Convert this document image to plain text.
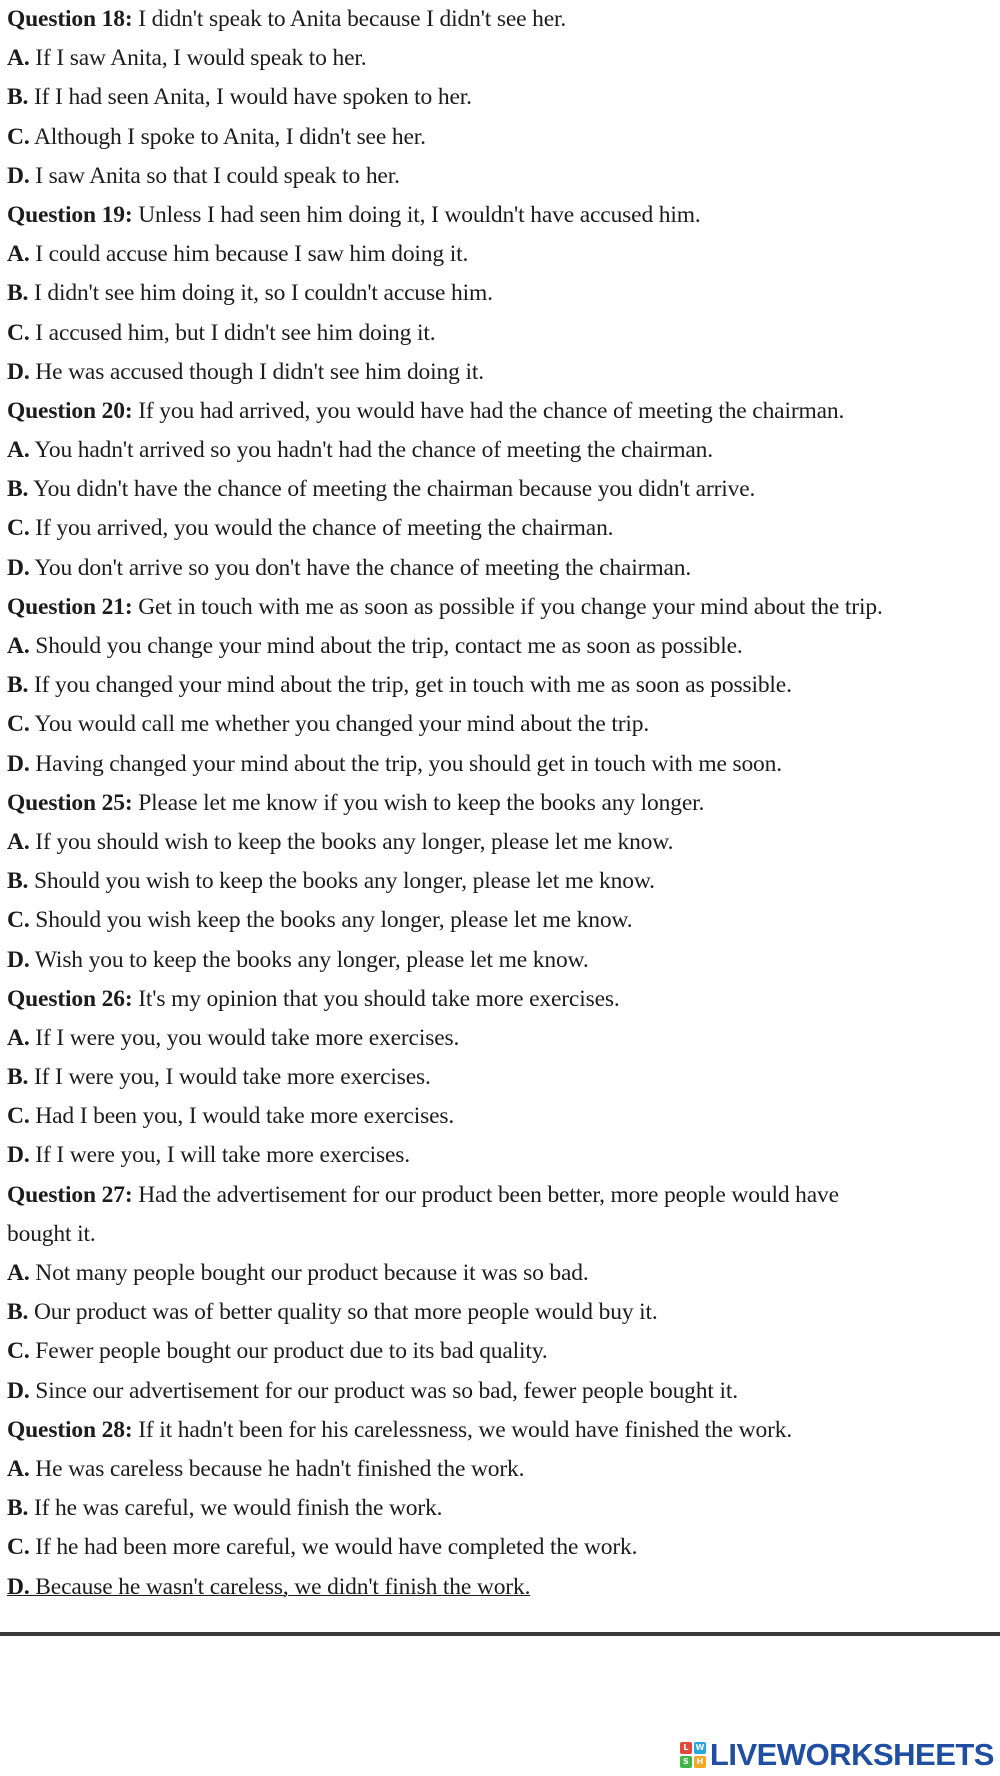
Question 18: I didn't speak to Anita because I didn't see her.
A. If I saw Anita, I would speak to her.
B. If I had seen Anita, I would have spoken to her.
C. Although I spoke to Anita, I didn't see her.
D. I saw Anita so that I could speak to her.
Question 19: Unless I had seen him doing it, I wouldn't have accused him.
A. I could accuse him because I saw him doing it.
B. I didn't see him doing it, so I couldn't accuse him.
C. I accused him, but I didn't see him doing it.
D. He was accused though I didn't see him doing it.
Question 20: If you had arrived, you would have had the chance of meeting the chairman.
A. You hadn't arrived so you hadn't had the chance of meeting the chairman.
B. You didn't have the chance of meeting the chairman because you didn't arrive.
C. If you arrived, you would the chance of meeting the chairman.
D. You don't arrive so you don't have the chance of meeting the chairman.
Question 21: Get in touch with me as soon as possible if you change your mind about the trip.
A. Should you change your mind about the trip, contact me as soon as possible.
B. If you changed your mind about the trip, get in touch with me as soon as possible.
C. You would call me whether you changed your mind about the trip.
D. Having changed your mind about the trip, you should get in touch with me soon.
Question 25: Please let me know if you wish to keep the books any longer.
A. If you should wish to keep the books any longer, please let me know.
B. Should you wish to keep the books any longer, please let me know.
C. Should you wish keep the books any longer, please let me know.
D. Wish you to keep the books any longer, please let me know.
Question 26: It's my opinion that you should take more exercises.
A. If I were you, you would take more exercises.
B. If I were you, I would take more exercises.
C. Had I been you, I would take more exercises.
D. If I were you, I will take more exercises.
Question 27: Had the advertisement for our product been better, more people would have
bought it.
A. Not many people bought our product because it was so bad.
B. Our product was of better quality so that more people would buy it.
C. Fewer people bought our product due to its bad quality.
D. Since our advertisement for our product was so bad, fewer people bought it.
Question 28: If it hadn't been for his carelessness, we would have finished the work.
A. He was careless because he hadn't finished the work.
B. If he was careful, we would finish the work.
C. If he had been more careful, we would have completed the work.
D. Because he wasn't careless, we didn't finish the work.
L W
S H LIVEWORKSHEETS
